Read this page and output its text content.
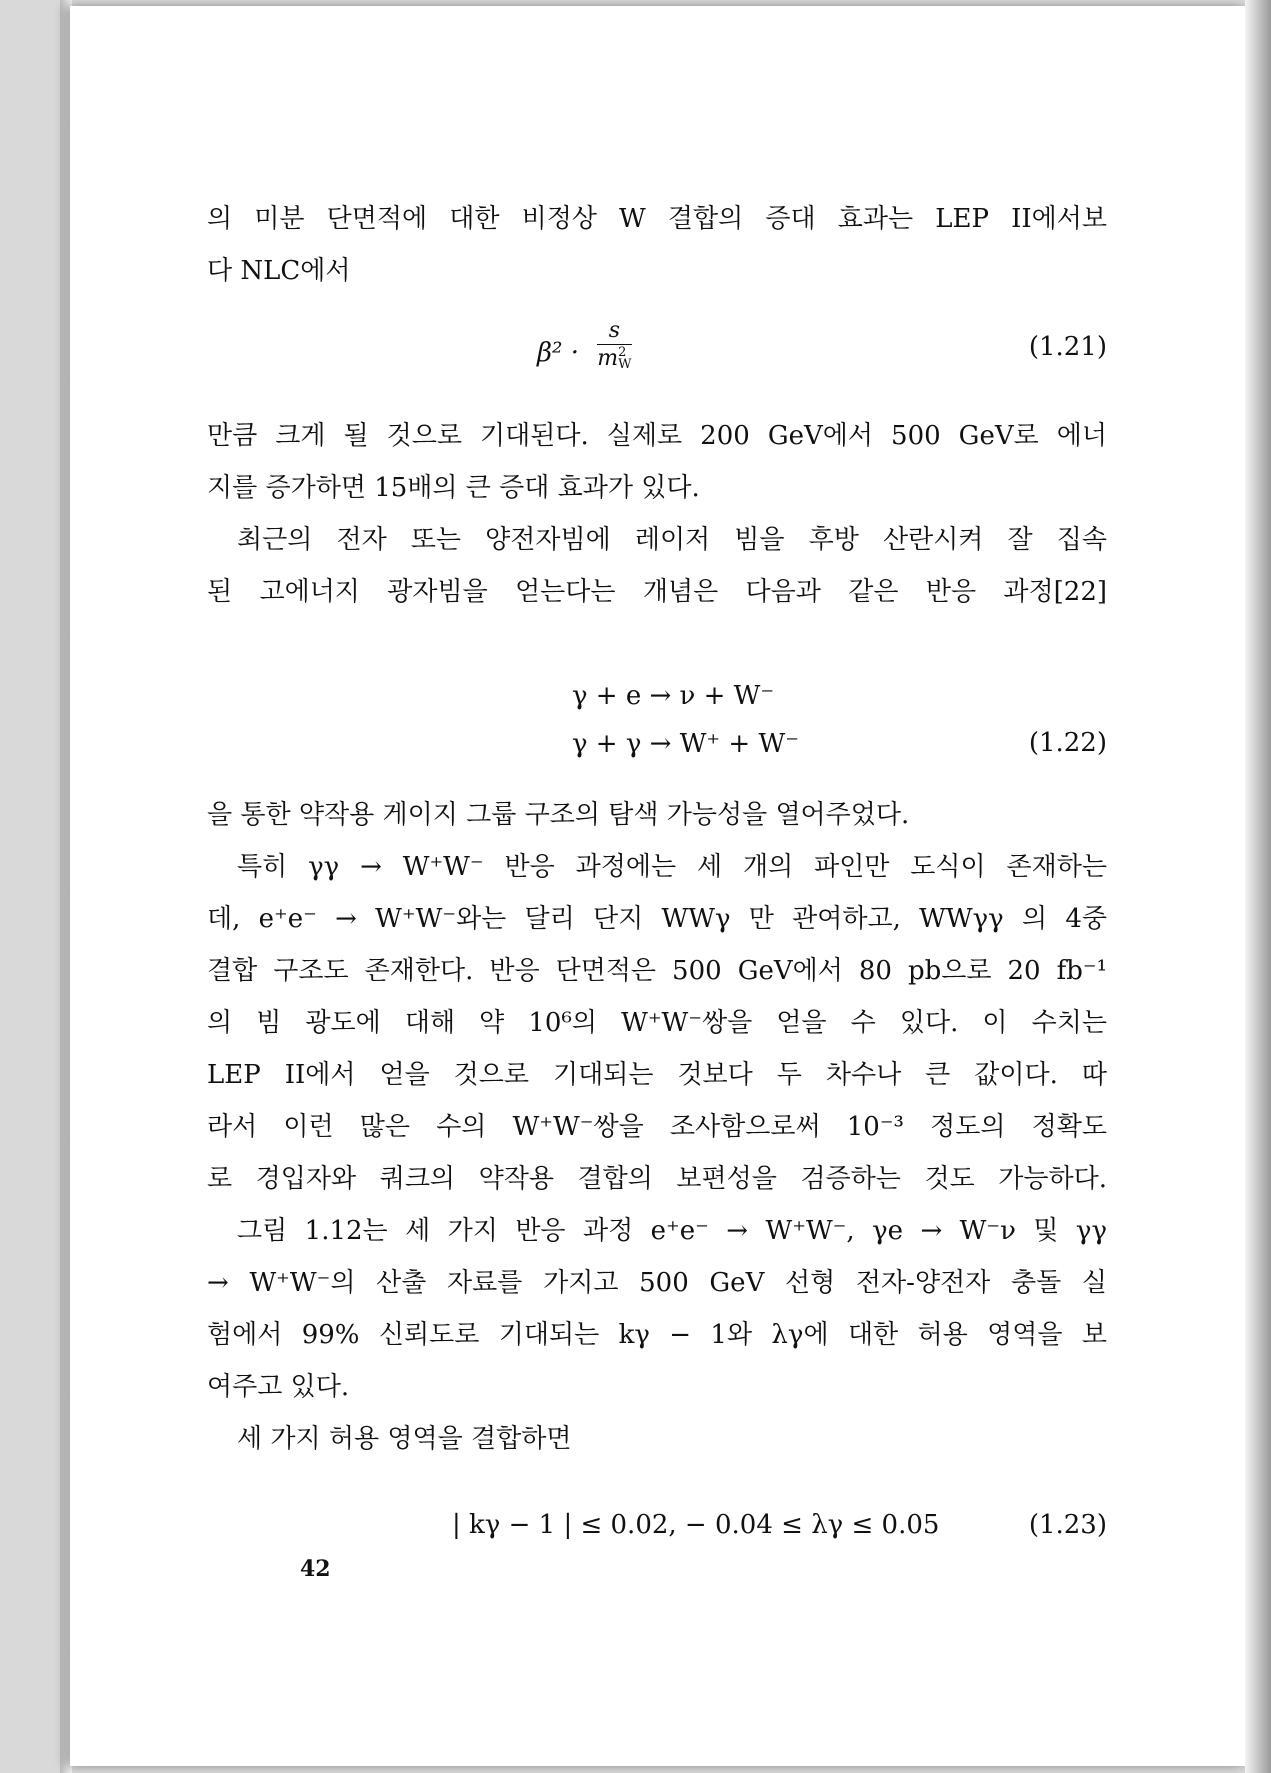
의 미분 단면적에 대한 비정상 W 결합의 증대 효과는 LEP II에서보
다 NLC에서
β² · s
m 2
W	(1.21)
만큼 크게 될 것으로 기대된다. 실제로 200 GeV에서 500 GeV로 에너
지를 증가하면 15배의 큰 증대 효과가 있다.
최근의 전자 또는 양전자빔에 레이저 빔을 후방 산란시켜 잘 집속
된 고에너지 광자빔을 얻는다는 개념은 다음과 같은 반응 과정[22]
γ + e → ν + W⁻
γ + γ → W⁺ + W⁻	(1.22)
을 통한 약작용 게이지 그룹 구조의 탐색 가능성을 열어주었다.
특히 γγ → W⁺W⁻ 반응 과정에는 세 개의 파인만 도식이 존재하는
데, e⁺e⁻ → W⁺W⁻와는 달리 단지 WWγ 만 관여하고, WWγγ 의 4중
결합 구조도 존재한다. 반응 단면적은 500 GeV에서 80 pb으로 20 fb⁻¹
의 빔 광도에 대해 약 10⁶의 W⁺W⁻쌍을 얻을 수 있다. 이 수치는
LEP II에서 얻을 것으로 기대되는 것보다 두 차수나 큰 값이다. 따
라서 이런 많은 수의 W⁺W⁻쌍을 조사함으로써 10⁻³ 정도의 정확도
로 경입자와 쿼크의 약작용 결합의 보편성을 검증하는 것도 가능하다.
그림 1.12는 세 가지 반응 과정 e⁺e⁻ → W⁺W⁻, γe → W⁻ν 및 γγ
→ W⁺W⁻의 산출 자료를 가지고 500 GeV 선형 전자-양전자 충돌 실
험에서 99% 신뢰도로 기대되는 kγ − 1와 λγ에 대한 허용 영역을 보
여주고 있다.
세 가지 허용 영역을 결합하면
| kγ − 1 | ≤ 0.02, − 0.04 ≤ λγ ≤ 0.05	(1.23)
42
